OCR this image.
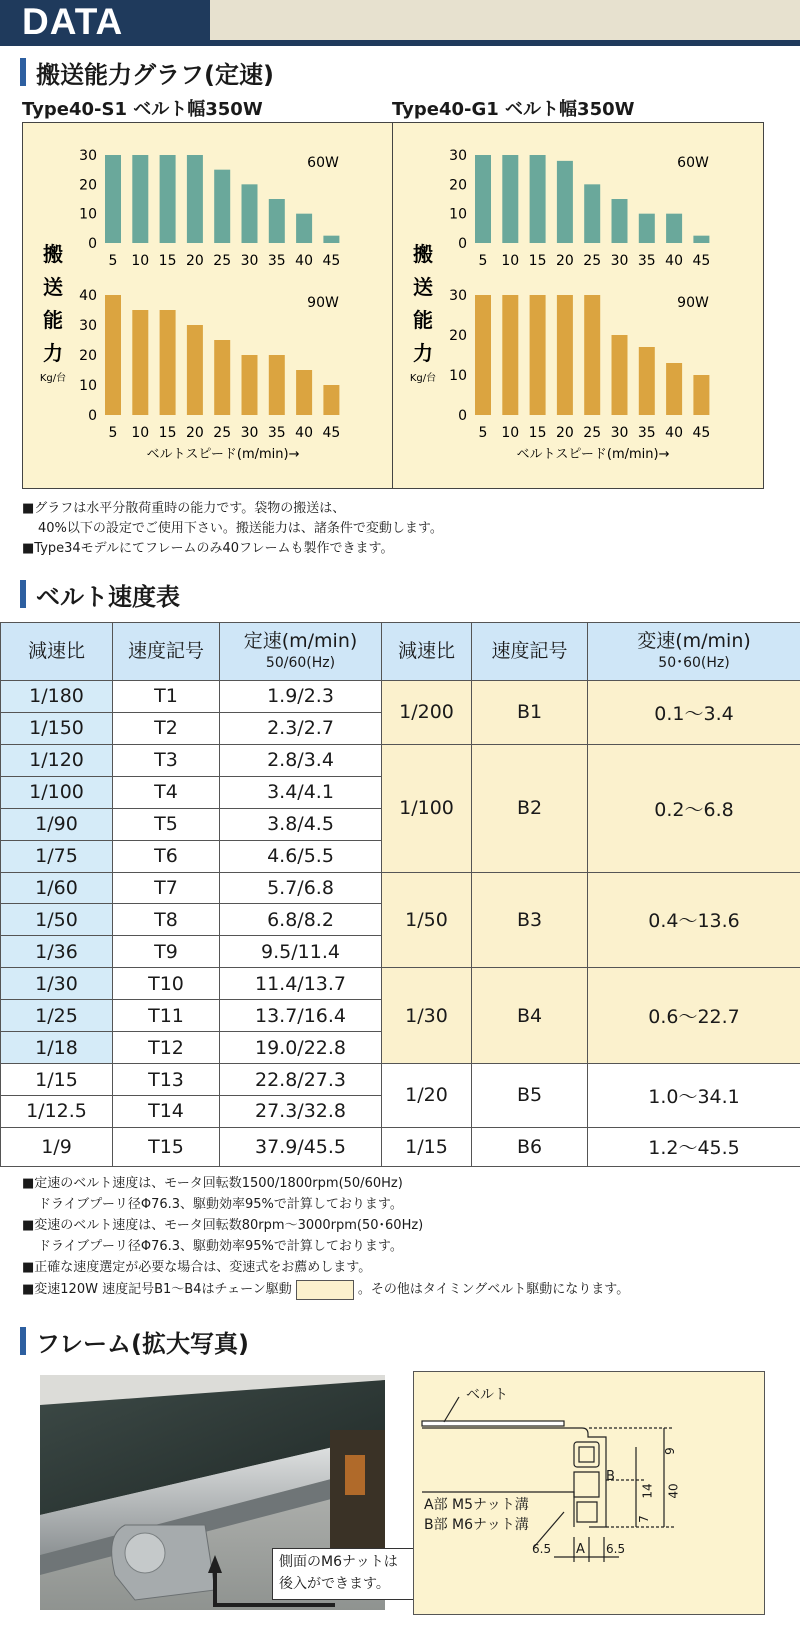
DATA
搬送能力グラフ(定速)
Type40-S1 ベルト幅350W	Type40-G1 ベルト幅350W
5 10 15 20 25 30 35 40 45
0
10
20
30	60W
5 10 15 20 25 30 35 40 45
0
10
20
30
40	90W
搬
送
能
力
Kg/台
ベルトスピード(m/min)→
5 10 15 20 25 30 35 40 45
0
10
20
30	60W
5 10 15 20 25 30 35 40 45
0
10
20
30	90W
搬
送
能
力
Kg/台
ベルトスピード(m/min)→
■グラフは水平分散荷重時の能力です。袋物の搬送は、
40%以下の設定でご使用下さい。搬送能力は、諸条件で変動します。
■Type34モデルにてフレームのみ40フレームも製作できます。
ベルト速度表
減速比	速度記号	定速(m/min)
50/60(Hz)	減速比	速度記号	変速(m/min)
50･60(Hz)
1/180	T1	1.9/2.3	1/200	B1	0.1～3.4
1/150	T2	2.3/2.7			
1/120	T3	2.8/3.4	1/100	B2	0.2～6.8
1/100	T4	3.4/4.1			
1/90	T5	3.8/4.5			
1/75	T6	4.6/5.5			
1/60	T7	5.7/6.8	1/50	B3	0.4～13.6
1/50	T8	6.8/8.2			
1/36	T9	9.5/11.4			
1/30	T10	11.4/13.7	1/30	B4	0.6～22.7
1/25	T11	13.7/16.4			
1/18	T12	19.0/22.8			
1/15	T13	22.8/27.3	1/20	B5	1.0～34.1
1/12.5	T14	27.3/32.8			
1/9	T15	37.9/45.5	1/15	B6	1.2～45.5
■定速のベルト速度は、モータ回転数1500/1800rpm(50/60Hz)
ドライブプーリ径Φ76.3、駆動効率95%で計算しております。
■変速のベルト速度は、モータ回転数80rpm～3000rpm(50･60Hz)
ドライブプーリ径Φ76.3、駆動効率95%で計算しております。
■正確な速度選定が必要な場合は、変速式をお薦めします。
■変速120W 速度記号B1～B4はチェーン駆動	。その他はタイミングベルト駆動になります。
フレーム(拡大写真)
側面のM6ナットは
後入ができます。
ベルト
A部 M5ナット溝
B部 M6ナット溝
B
A
9
14 40
7
6.5	6.5
